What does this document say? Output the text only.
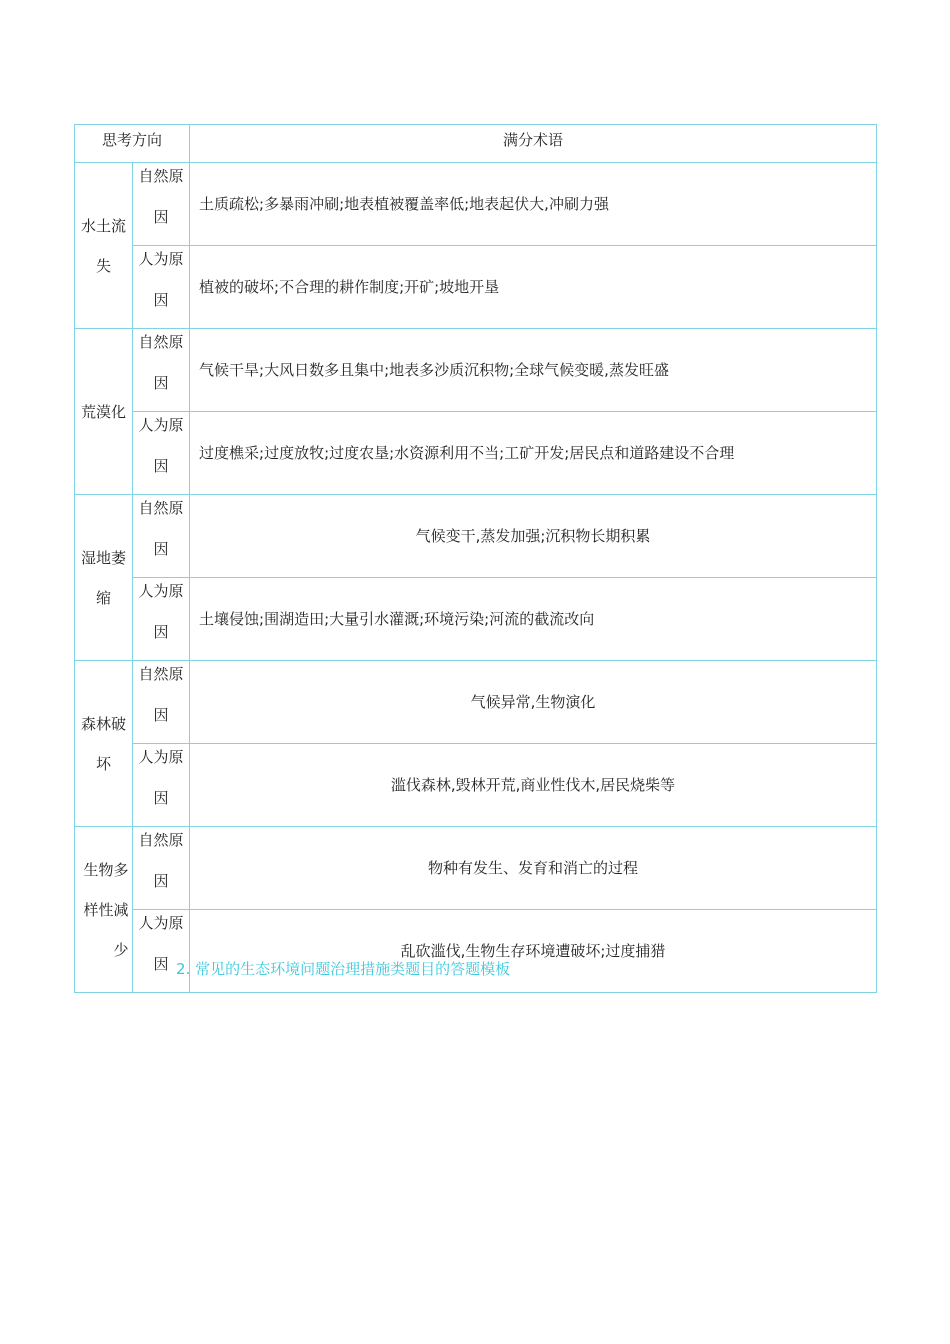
思考方向		满分术语

水土流失	自然原因	土质疏松;多暴雨冲刷;地表植被覆盖率低;地表起伏大,冲刷力强

	人为原因	植被的破坏;不合理的耕作制度;开矿;坡地开垦

荒漠化	自然原因	气候干旱;大风日数多且集中;地表多沙质沉积物;全球气候变暖,蒸发旺盛

	人为原因	过度樵采;过度放牧;过度农垦;水资源利用不当;工矿开发;居民点和道路建设不合理

湿地萎缩	自然原因	气候变干,蒸发加强;沉积物长期积累

	人为原因	土壤侵蚀;围湖造田;大量引水灌溉;环境污染;河流的截流改向

森林破坏	自然原因	气候异常,生物演化

	人为原因	滥伐森林,毁林开荒,商业性伐木,居民烧柴等

生物多样性减少	自然原因	物种有发生、发育和消亡的过程

	人为原因	乱砍滥伐,生物生存环境遭破坏;过度捕猎
2. 常见的生态环境问题治理措施类题目的答题模板
